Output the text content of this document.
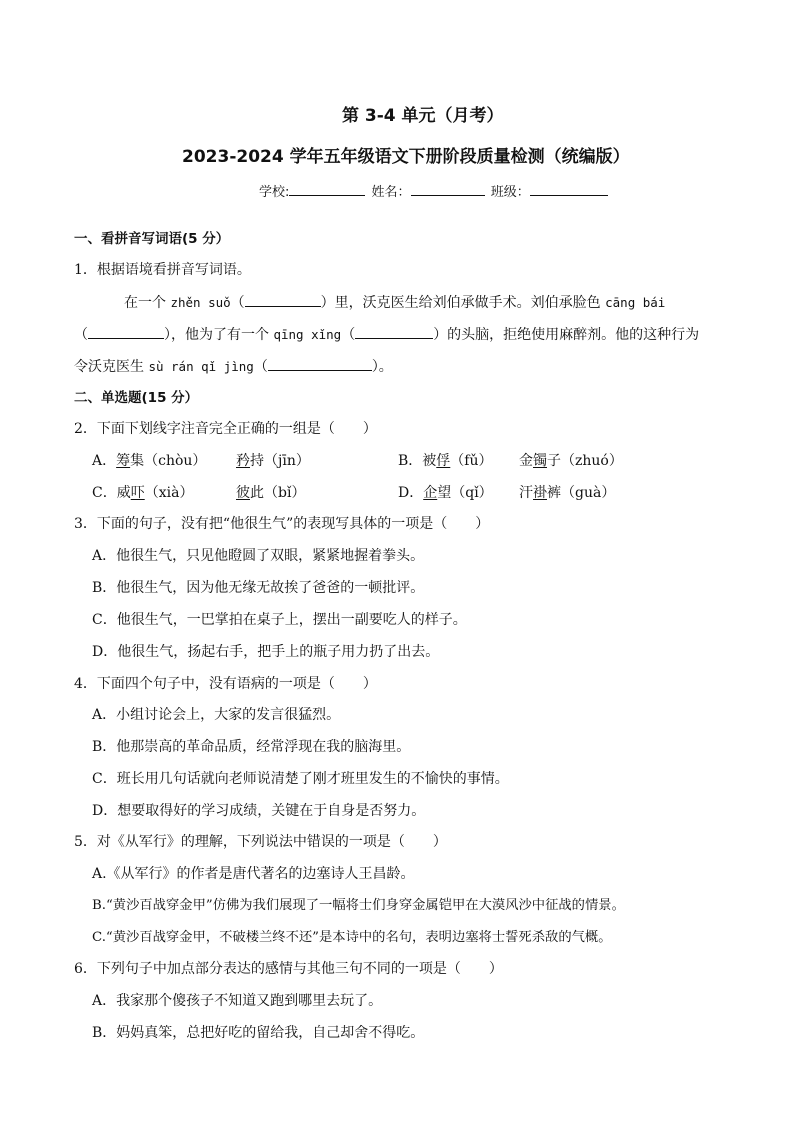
第 3-4 单元（月考）
2023-2024 学年五年级语文下册阶段质量检测（统编版）
学校:	姓名：	班级：
一、看拼音写词语(5 分）
1．根据语境看拼音写词语。
在一个 zhěn suǒ（	）里，沃克医生给刘伯承做手术。刘伯承脸色 cāng bái
（	），他为了有一个 qīng xǐng（	）的头脑，拒绝使用麻醉剂。他的这种行为
令沃克医生 sù rán qǐ jìng（	）。
二、单选题(15 分）
2．下面下划线字注音完全正确的一组是（　　）
A．筹集（chòu） 矜持（jīn）	B．被俘（fǔ） 金镯子（zhuó）
C．威吓（xià）	彼此（bǐ）	D．企望（qǐ） 汗褂裤（guà）
3．下面的句子，没有把“他很生气”的表现写具体的一项是（　　）
A．他很生气，只见他瞪圆了双眼，紧紧地握着拳头。
B．他很生气，因为他无缘无故挨了爸爸的一顿批评。
C．他很生气，一巴掌拍在桌子上，摆出一副要吃人的样子。
D．他很生气，扬起右手，把手上的瓶子用力扔了出去。
4．下面四个句子中，没有语病的一项是（　　）
A．小组讨论会上，大家的发言很猛烈。
B．他那崇高的革命品质，经常浮现在我的脑海里。
C．班长用几句话就向老师说清楚了刚才班里发生的不愉快的事情。
D．想要取得好的学习成绩，关键在于自身是否努力。
5．对《从军行》的理解，下列说法中错误的一项是（　　）
A.《从军行》的作者是唐代著名的边塞诗人王昌龄。
B.“黄沙百战穿金甲”仿佛为我们展现了一幅将士们身穿金属铠甲在大漠风沙中征战的情景。
C.“黄沙百战穿金甲，不破楼兰终不还”是本诗中的名句，表明边塞将士誓死杀敌的气概。
6．下列句子中加点部分表达的感情与其他三句不同的一项是（　　）
A．我家那个傻孩子不知道又跑到哪里去玩了。
B．妈妈真笨，总把好吃的留给我，自己却舍不得吃。
